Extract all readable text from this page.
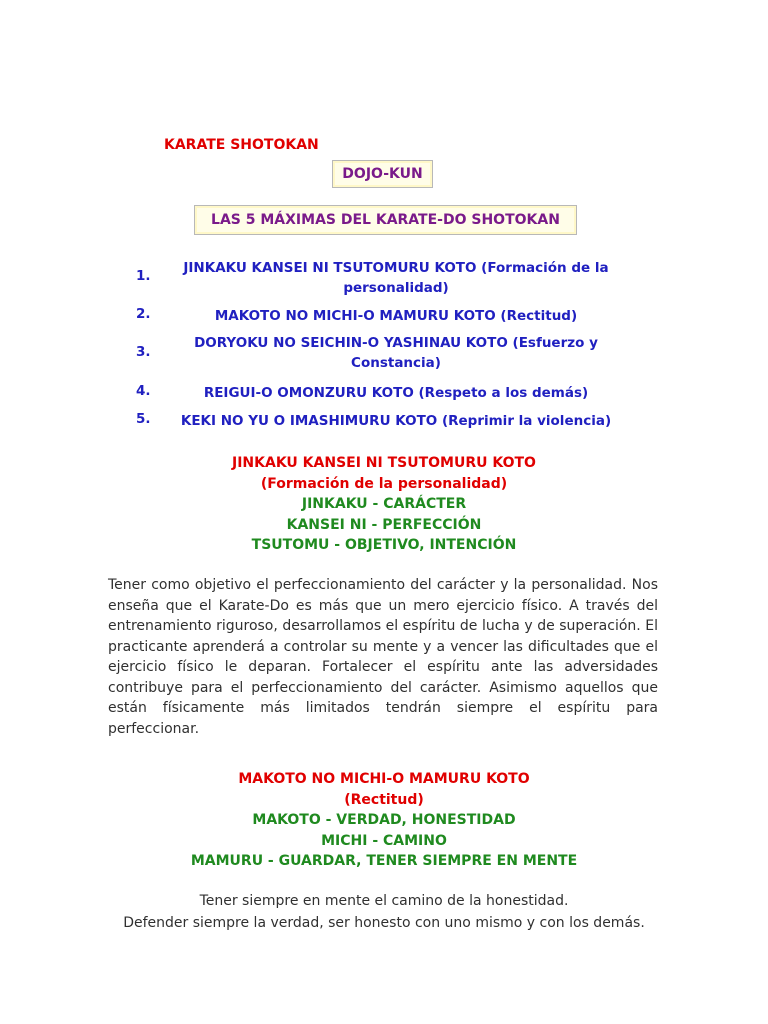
KARATE SHOTOKAN
DOJO-KUN
LAS 5 MÁXIMAS DEL KARATE-DO SHOTOKAN
1.	JINKAKU KANSEI NI TSUTOMURU KOTO (Formación de la
personalidad)
2.	MAKOTO NO MICHI-O MAMURU KOTO (Rectitud)
3.
DORYOKU NO SEICHIN-O YASHINAU KOTO (Esfuerzo y
Constancia)
4.	REIGUI-O OMONZURU KOTO (Respeto a los demás)
5.	KEKI NO YU O IMASHIMURU KOTO (Reprimir la violencia)
JINKAKU KANSEI NI TSUTOMURU KOTO
(Formación de la personalidad)
JINKAKU - CARÁCTER
KANSEI NI - PERFECCIÓN
TSUTOMU - OBJETIVO, INTENCIÓN
Tener como objetivo el perfeccionamiento del carácter y la personalidad. Nos enseña que el Karate-Do es más que un mero ejercicio físico. A través del entrenamiento riguroso, desarrollamos el espíritu de lucha y de superación. El practicante aprenderá a controlar su mente y a vencer las dificultades que el ejercicio físico le deparan. Fortalecer el espíritu ante las adversidades contribuye para el perfeccionamiento del carácter. Asimismo aquellos que están físicamente más limitados tendrán siempre el espíritu para perfeccionar.
MAKOTO NO MICHI-O MAMURU KOTO
(Rectitud)
MAKOTO - VERDAD, HONESTIDAD
MICHI - CAMINO
MAMURU - GUARDAR, TENER SIEMPRE EN MENTE
Tener siempre en mente el camino de la honestidad.
Defender siempre la verdad, ser honesto con uno mismo y con los demás.
